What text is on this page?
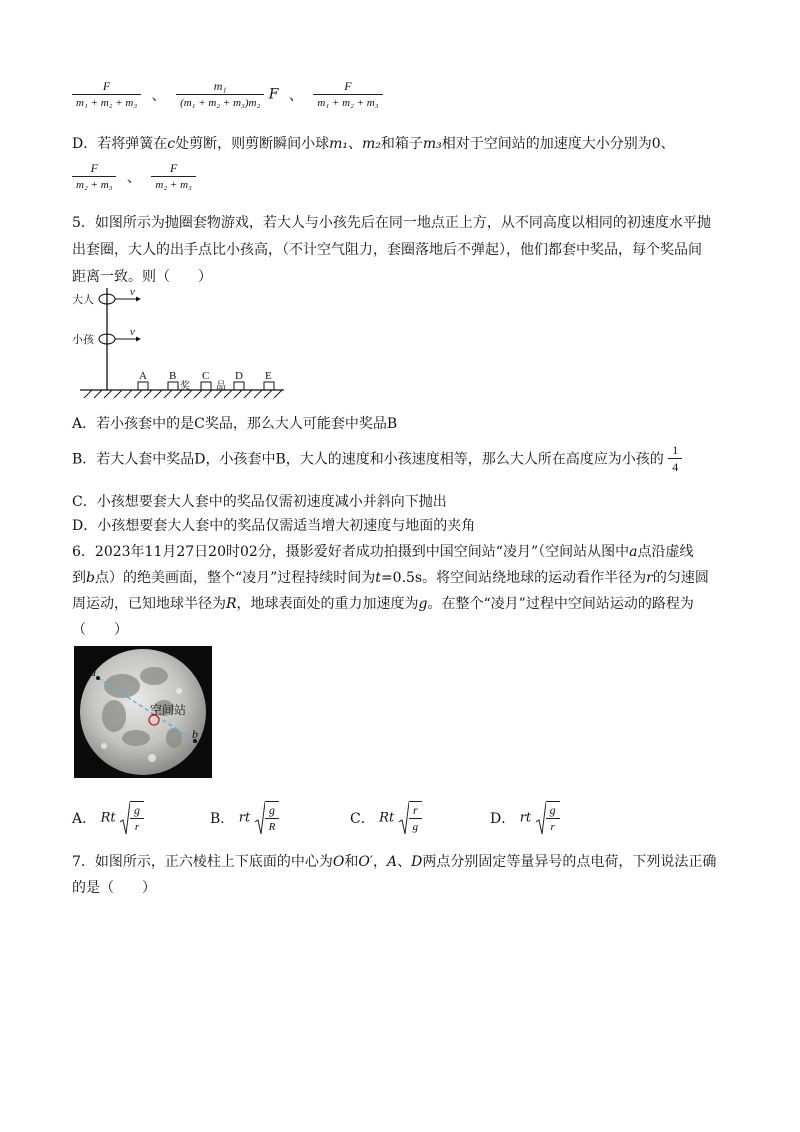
$\frac{F}{\text{m₁ + m₂ + m₃}}$ 、 $\frac{\text{m₁}}{\text{(m₁ + m₂ + m₃)m₂}}$ F 、 $\frac{F}{\text{m₁ + m₂ + m₃}}$
D．若将弹簧在c处剪断，则剪断瞬间小球m₁、m₂和箱子m₃相对于空间站的加速度大小分别为0、
$\frac{F}{\text{m₂ + m₃}}$ 、 $\frac{F}{\text{m₂ + m₃}}$
5．如图所示为抛圈套物游戏，若大人与小孩先后在同一地点正上方，从不同高度以相同的初速度水平抛
出套圈，大人的出手点比小孩高，（不计空气阻力，套圈落地后不弹起），他们都套中奖品，每个奖品间
距离一致。则（　　）
大人
小孩
v
v
A B C D E
奖	品
A．若小孩套中的是C奖品，那么大人可能套中奖品B
B．若大人套中奖品D，小孩套中B，大人的速度和小孩速度相等，那么大人所在高度应为小孩的 $\frac{1}{4}$
C．小孩想要套大人套中的奖品仅需初速度减小并斜向下抛出
D．小孩想要套大人套中的奖品仅需适当增大初速度与地面的夹角
6．2023年11月27日20时02分，摄影爱好者成功拍摄到中国空间站“凌月”（空间站从图中a点沿虚线
到b点）的绝美画面，整个“凌月”过程持续时间为t=0.5s。将空间站绕地球的运动看作半径为r的匀速圆
周运动，已知地球半径为R，地球表面处的重力加速度为g。在整个“凌月”过程中空间站运动的路程为
（　　）
a
b
空间站
A． Rt $\frac{g}{r}$	B． rt $\frac{g}{R}$	C． Rt $\frac{r}{g}$	D． rt $\frac{g}{r}$
7．如图所示，正六棱柱上下底面的中心为O和O′，A、D两点分别固定等量异号的点电荷，下列说法正确
的是（　　）
